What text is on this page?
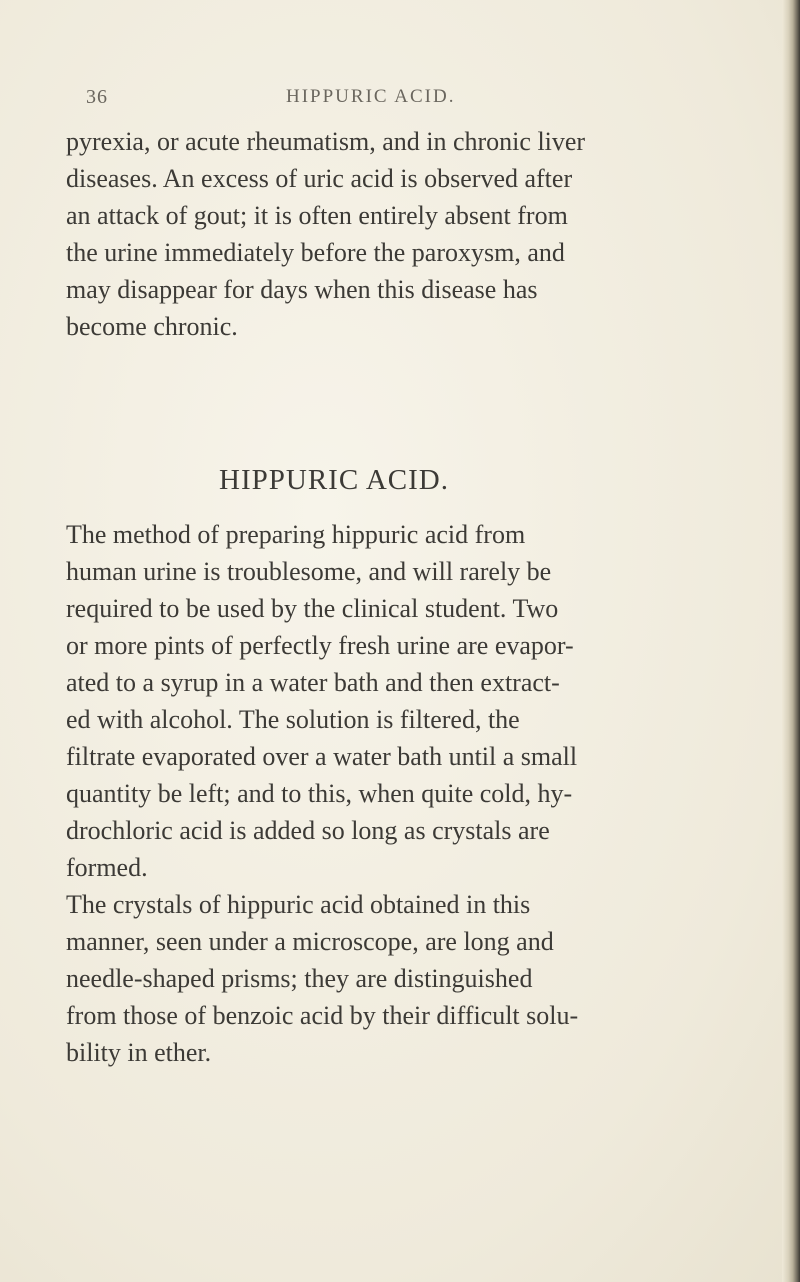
36	HIPPURIC ACID.
pyrexia, or acute rheumatism, and in chronic liver
diseases. An excess of uric acid is observed after
an attack of gout; it is often entirely absent from
the urine immediately before the paroxysm, and
may disappear for days when this disease has
become chronic.
HIPPURIC ACID.
The method of preparing hippuric acid from
human urine is troublesome, and will rarely be
required to be used by the clinical student. Two
or more pints of perfectly fresh urine are evapor-
ated to a syrup in a water bath and then extract-
ed with alcohol. The solution is filtered, the
filtrate evaporated over a water bath until a small
quantity be left; and to this, when quite cold, hy-
drochloric acid is added so long as crystals are
formed.
The crystals of hippuric acid obtained in this
manner, seen under a microscope, are long and
needle-shaped prisms; they are distinguished
from those of benzoic acid by their difficult solu-
bility in ether.
